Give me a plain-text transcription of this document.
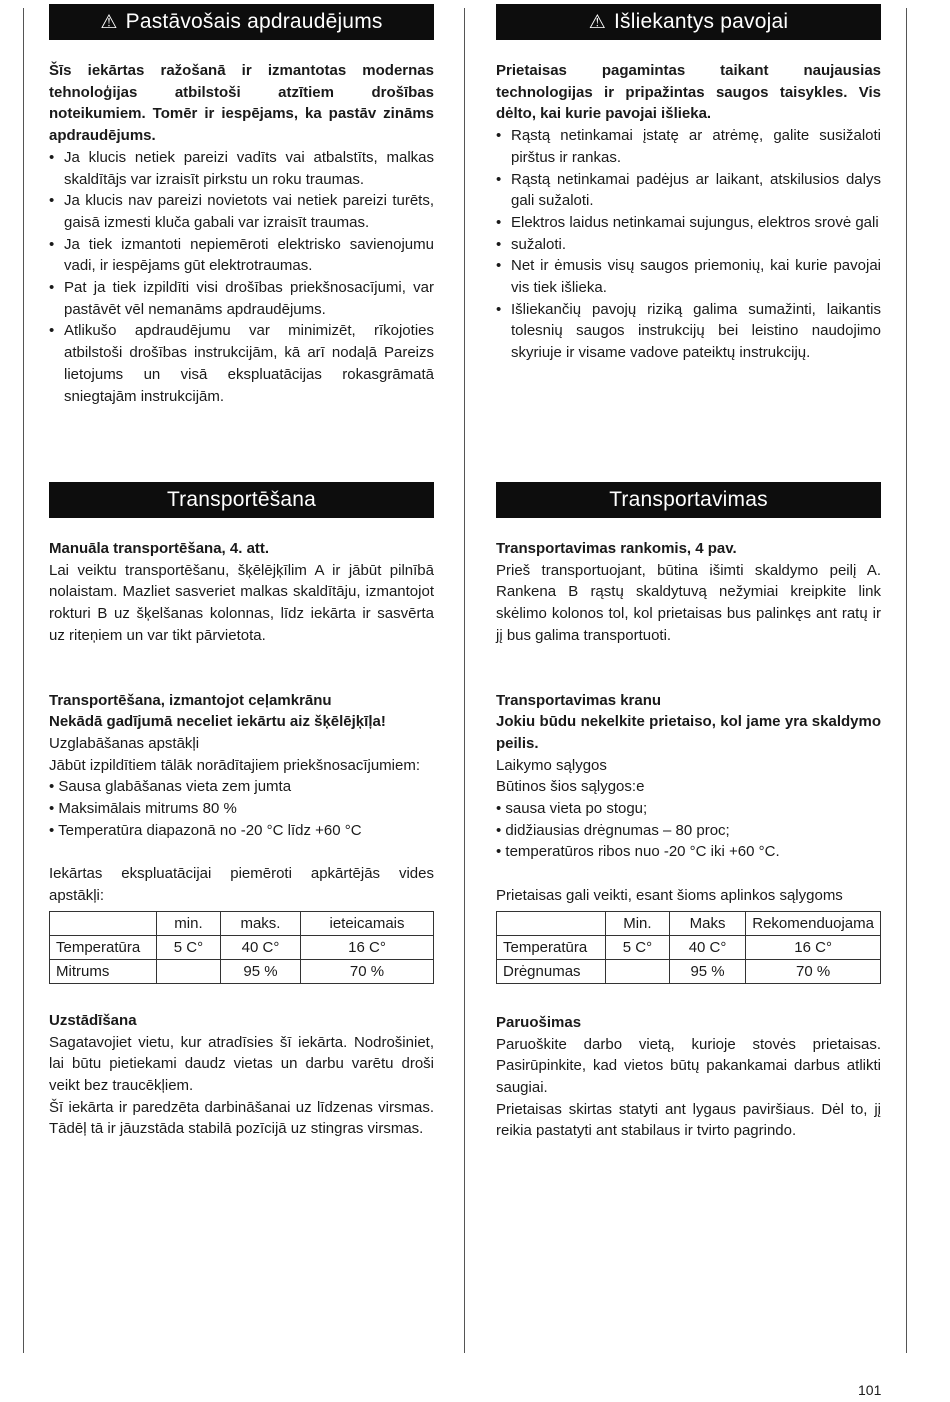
⚠ Pastāvošais apdraudējums

Šīs iekārtas ražošanā ir izmantotas modernas tehnoloģijas atbilstoši atzītiem drošības noteikumiem. Tomēr ir iespējams, ka pastāv zināms apdraudējums.

• Ja klucis netiek pareizi vadīts vai atbalstīts, malkas skaldītājs var izraisīt pirkstu un roku traumas.
• Ja klucis nav pareizi novietots vai netiek pareizi turēts, gaisā izmesti kluča gabali var izraisīt traumas.
• Ja tiek izmantoti nepiemēroti elektrisko savienojumu vadi, ir iespējams gūt elektrotraumas.
• Pat ja tiek izpildīti visi drošības priekšnosacījumi, var pastāvēt vēl nemanāms apdraudējums.
• Atlikušo apdraudējumu var minimizēt, rīkojoties atbilstoši drošības instrukcijām, kā arī nodaļā Pareizs lietojums un visā ekspluatācijas rokasgrāmatā sniegtajām instrukcijām.
Transportēšana
Manuāla transportēšana, 4. att.

Lai veiktu transportēšanu, šķēlējķīlim A ir jābūt pilnībā nolaistam. Mazliet sasveriet malkas skaldītāju, izmantojot rokturi B uz šķelšanas kolonnas, līdz iekārta ir sasvērta uz riteņiem un var tikt pārvietota.

Transportēšana, izmantojot ceļamkrānu
Nekādā gadījumā neceliet iekārtu aiz šķēlējķīļa!
Uzglabāšanas apstākļi

Jābūt izpildītiem tālāk norādītajiem priekšnosacījumiem:

• Sausa glabāšanas vieta zem jumta
• Maksimālais mitrums 80 %
• Temperatūra diapazonā no -20 °C līdz +60 °C

Iekārtas ekspluatācijai piemēroti apkārtējās vides apstākļi:

	min.	maks.	ieteicamais
Temperatūra	5 C°	40 C°	16 C°
Mitrums		95 %	70 %
Uzstādīšana

Sagatavojiet vietu, kur atradīsies šī iekārta. Nodrošiniet, lai būtu pietiekami daudz vietas un darbu varētu droši veikt bez traucēkļiem.

Šī iekārta ir paredzēta darbināšanai uz līdzenas virsmas. Tādēļ tā ir jāuzstāda stabilā pozīcijā uz stingras virsmas.

⚠ Išliekantys pavojai

Prietaisas pagamintas taikant naujausias technologijas ir pripažintas saugos taisykles. Vis dėlto, kai kurie pavojai išlieka.

• Rąstą netinkamai įstatę ar atrėmę, galite susižaloti pirštus ir rankas.
• Rąstą netinkamai padėjus ar laikant, atskilusios dalys gali sužaloti.
• Elektros laidus netinkamai sujungus, elektros srovė gali
• sužaloti.
• Net ir ėmusis visų saugos priemonių, kai kurie pavojai vis tiek išlieka.
• Išliekančių pavojų riziką galima sumažinti, laikantis tolesnių saugos instrukcijų bei leistino naudojimo skyriuje ir visame vadove pateiktų instrukcijų.
Transportavimas
Transportavimas rankomis, 4 pav.

Prieš transportuojant, būtina išimti skaldymo peilį A. Rankena B rąstų skaldytuvą nežymiai kreipkite link skėlimo kolonos tol, kol prietaisas bus palinkęs ant ratų ir jį bus galima transportuoti.

Transportavimas kranu
Jokiu būdu nekelkite prietaiso, kol jame yra skaldymo peilis.
Laikymo sąlygos

Būtinos šios sąlygos:e

• sausa vieta po stogu;
• didžiausias drėgnumas – 80 proc;
• temperatūros ribos nuo -20 °C iki +60 °C.

Prietaisas gali veikti, esant šioms aplinkos sąlygoms

	Min.	Maks	Rekomenduojama
Temperatūra	5 C°	40 C°	16 C°
Drėgnumas		95 %	70 %
Paruošimas

Paruoškite darbo vietą, kurioje stovės prietaisas. Pasirūpinkite, kad vietos būtų pakankamai darbus atlikti saugiai.

Prietaisas skirtas statyti ant lygaus paviršiaus. Dėl to, jį reikia pastatyti ant stabilaus ir tvirto pagrindo.

101
